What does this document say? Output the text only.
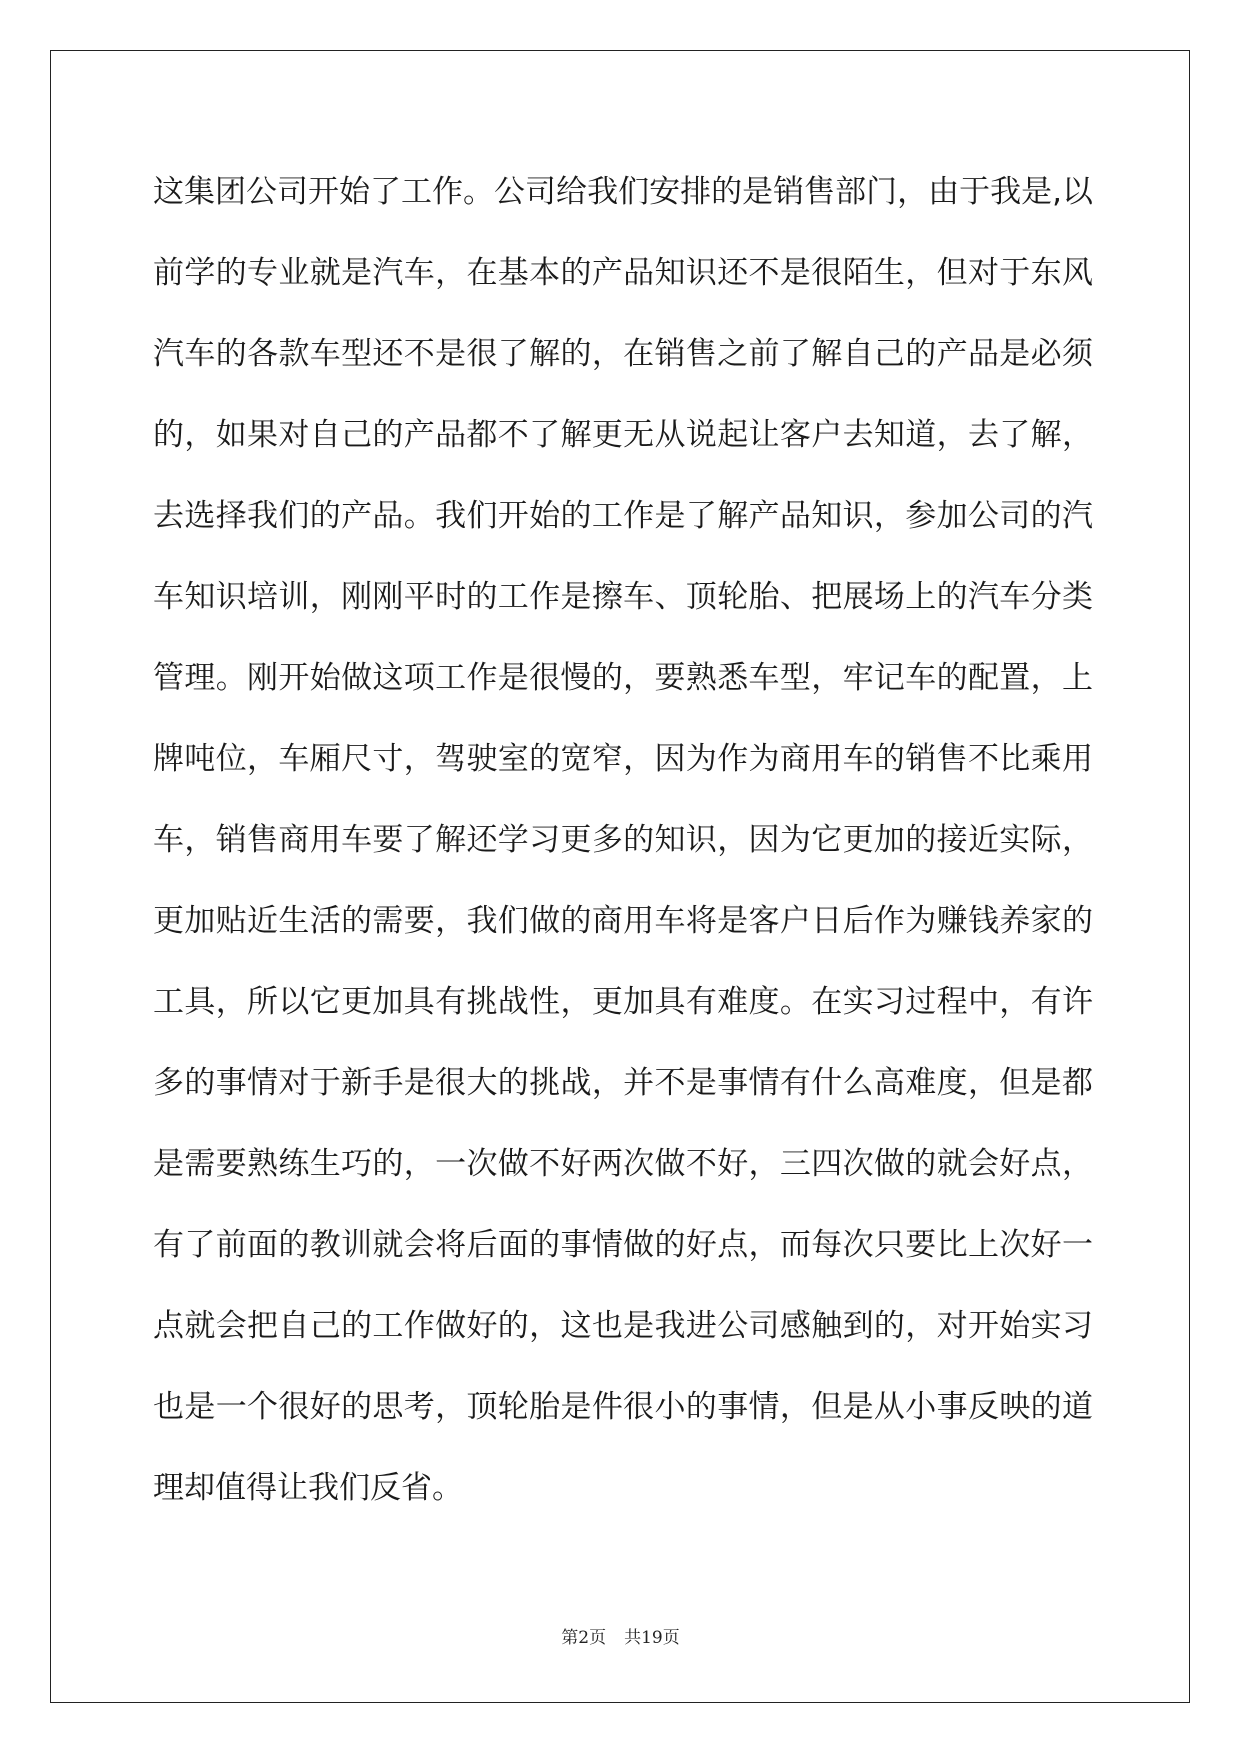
这集团公司开始了工作。公司给我们安排的是销售部门，由于我是,以
前学的专业就是汽车，在基本的产品知识还不是很陌生，但对于东风
汽车的各款车型还不是很了解的，在销售之前了解自己的产品是必须
的，如果对自己的产品都不了解更无从说起让客户去知道，去了解，
去选择我们的产品。我们开始的工作是了解产品知识，参加公司的汽
车知识培训，刚刚平时的工作是擦车、顶轮胎、把展场上的汽车分类
管理。刚开始做这项工作是很慢的，要熟悉车型，牢记车的配置，上
牌吨位，车厢尺寸，驾驶室的宽窄，因为作为商用车的销售不比乘用
车，销售商用车要了解还学习更多的知识，因为它更加的接近实际，
更加贴近生活的需要，我们做的商用车将是客户日后作为赚钱养家的
工具，所以它更加具有挑战性，更加具有难度。在实习过程中，有许
多的事情对于新手是很大的挑战，并不是事情有什么高难度，但是都
是需要熟练生巧的，一次做不好两次做不好，三四次做的就会好点，
有了前面的教训就会将后面的事情做的好点，而每次只要比上次好一
点就会把自己的工作做好的，这也是我进公司感触到的，对开始实习
也是一个很好的思考，顶轮胎是件很小的事情，但是从小事反映的道
理却值得让我们反省。
第2页 共19页
